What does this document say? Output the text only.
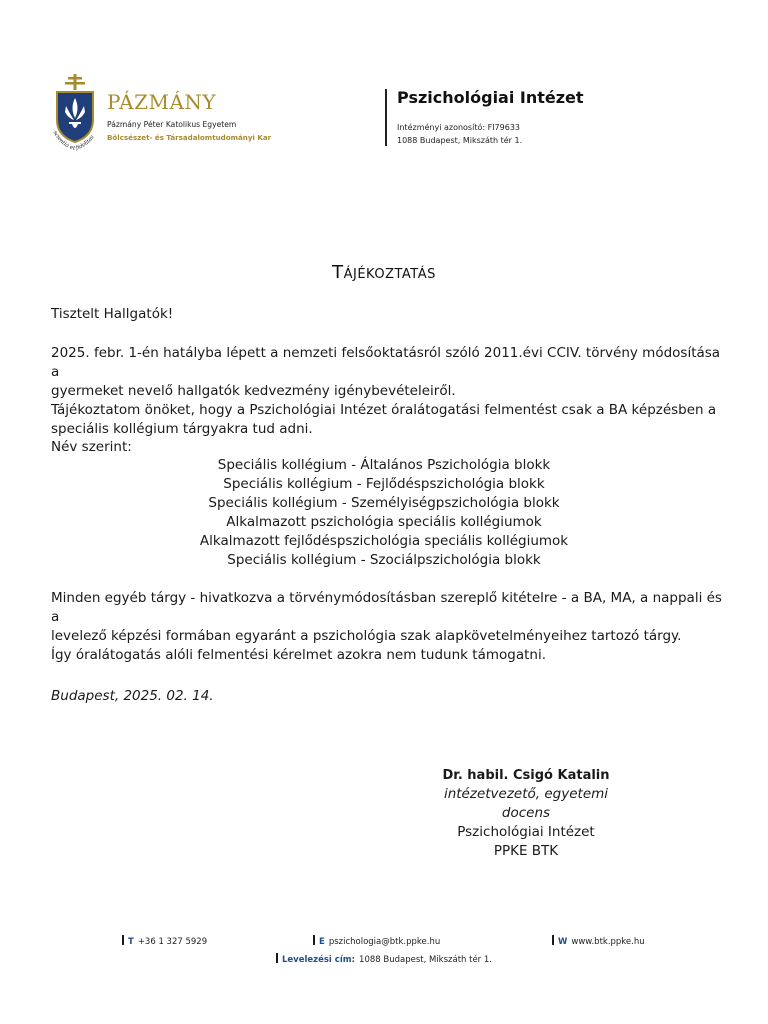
scientia et fidelitas
PÁZMÁNY
Pázmány Péter Katolikus Egyetem
Bölcsészet- és Társadalomtudományi Kar
Pszichológiai Intézet
Intézményi azonosító: FI79633
1088 Budapest, Mikszáth tér 1.
TÁJÉKOZTATÁS
Tisztelt Hallgatók!
2025. febr. 1-én hatályba lépett a nemzeti felsőoktatásról szóló 2011.évi CCIV. törvény módosítása a
gyermeket nevelő hallgatók kedvezmény igénybevételeiről.
Tájékoztatom önöket, hogy a Pszichológiai Intézet óralátogatási felmentést csak a BA képzésben a
speciális kollégium tárgyakra tud adni.
Név szerint:
Speciális kollégium - Általános Pszichológia blokk
Speciális kollégium - Fejlődéspszichológia blokk
Speciális kollégium - Személyiségpszichológia blokk
Alkalmazott pszichológia speciális kollégiumok
Alkalmazott fejlődéspszichológia speciális kollégiumok
Speciális kollégium - Szociálpszichológia blokk
Minden egyéb tárgy - hivatkozva a törvénymódosításban szereplő kitételre - a BA, MA, a nappali és a
levelező képzési formában egyaránt a pszichológia szak alapkövetelményeihez tartozó tárgy.
Így óralátogatás alóli felmentési kérelmet azokra nem tudunk támogatni.
Budapest, 2025. 02. 14.
Dr. habil. Csigó Katalin
intézetvezető, egyetemi docens
Pszichológiai Intézet
PPKE BTK
T +36 1 327 5929	E pszichologia@btk.ppke.hu	W www.btk.ppke.hu
Levelezési cím: 1088 Budapest, Mikszáth tér 1.
